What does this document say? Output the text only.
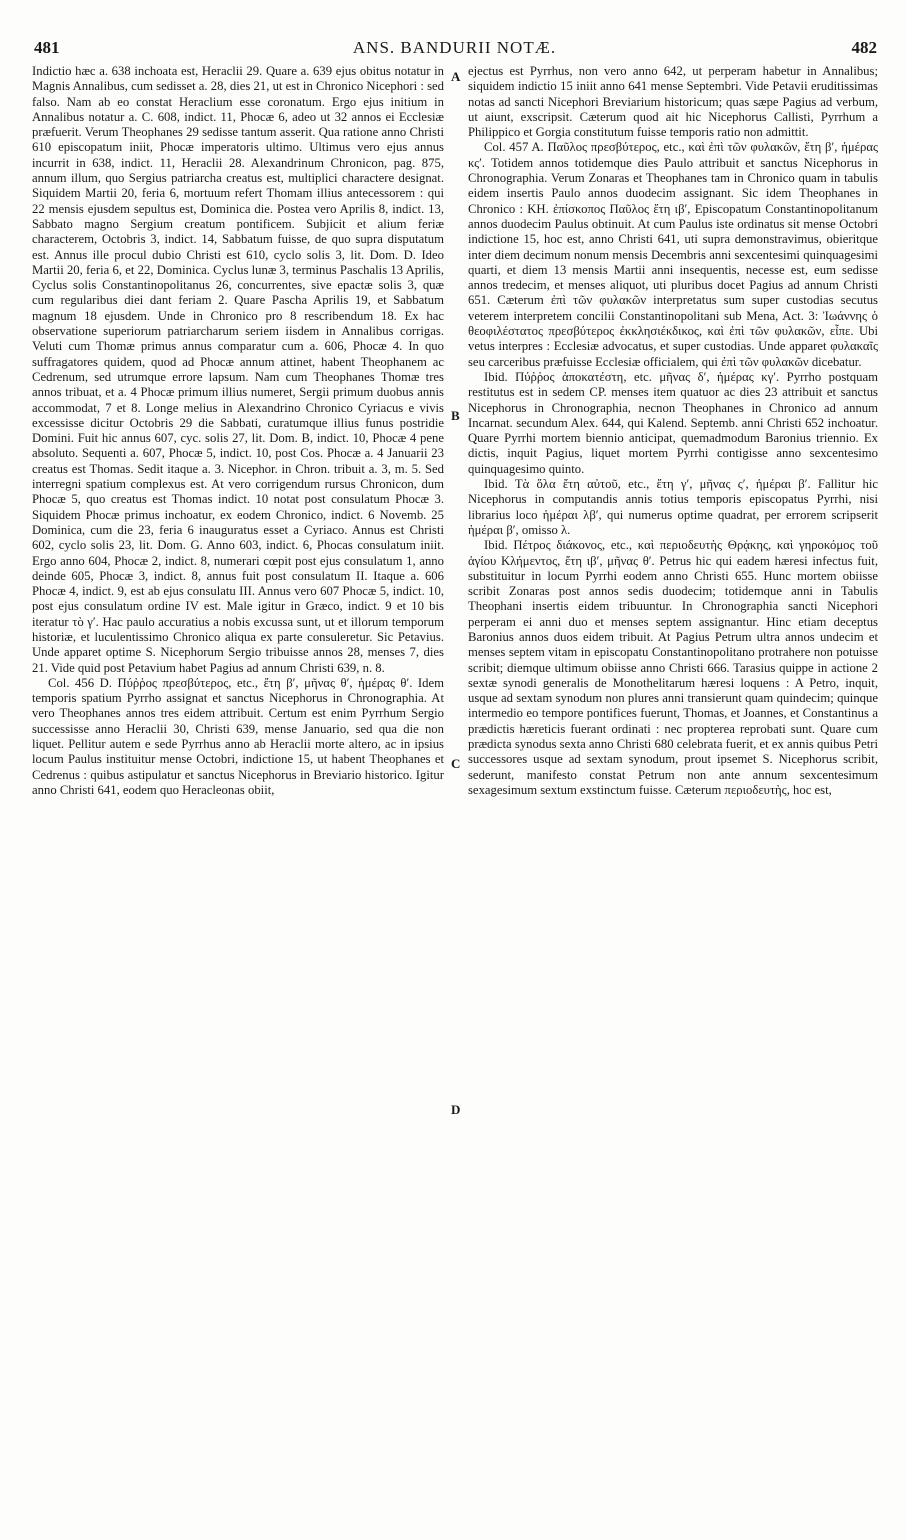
481	ANS. BANDURII NOTÆ.	482

Indictio hæc a. 638 inchoata est, Heraclii 29. Quare a. 639 ejus obitus notatur in Magnis Annalibus, cum sedisset a. 28, dies 21, ut est in Chronico Nicephori : sed falso. Nam ab eo constat Heraclium esse coronatum. Ergo ejus initium in Annalibus notatur a. C. 608, indict. 11, Phocæ 6, adeo ut 32 annos ei Ecclesiæ præfuerit. Verum Theophanes 29 sedisse tantum asserit. Qua ratione anno Christi 610 episcopatum iniit, Phocæ imperatoris ultimo. Ultimus vero ejus annus incurrit in 638, indict. 11, Heraclii 28. Alexandrinum Chronicon, pag. 875, annum illum, quo Sergius patriarcha creatus est, multiplici charactere designat. Siquidem Martii 20, feria 6, mortuum refert Thomam illius antecessorem : qui 22 mensis ejusdem sepultus est, Dominica die. Postea vero Aprilis 8, indict. 13, Sabbato magno Sergium creatum pontificem. Subjicit et alium feriæ characterem, Octobris 3, indict. 14, Sabbatum fuisse, de quo supra disputatum est. Annus ille procul dubio Christi est 610, cyclo solis 3, lit. Dom. D. Ideo Martii 20, feria 6, et 22, Dominica. Cyclus lunæ 3, terminus Paschalis 13 Aprilis, Cyclus solis Constantinopolitanus 26, concurrentes, sive epactæ solis 3, quæ cum regularibus diei dant feriam 2. Quare Pascha Aprilis 19, et Sabbatum magnum 18 ejusdem. Unde in Chronico pro 8 rescribendum 18. Ex hac observatione superiorum patriarcharum seriem iisdem in Annalibus corrigas. Veluti cum Thomæ primus annus comparatur cum a. 606, Phocæ 4. In quo suffragatores quidem, quod ad Phocæ annum attinet, habent Theophanem ac Cedrenum, sed utrumque errore lapsum. Nam cum Theophanes Thomæ tres annos tribuat, et a. 4 Phocæ primum illius numeret, Sergii primum duobus annis accommodat, 7 et 8. Longe melius in Alexandrino Chronico Cyriacus e vivis excessisse dicitur Octobris 29 die Sabbati, curatumque illius funus postridie Domini. Fuit hic annus 607, cyc. solis 27, lit. Dom. B, indict. 10, Phocæ 4 pene absoluto. Sequenti a. 607, Phocæ 5, indict. 10, post Cos. Phocæ a. 4 Januarii 23 creatus est Thomas. Sedit itaque a. 3. Nicephor. in Chron. tribuit a. 3, m. 5. Sed interregni spatium complexus est. At vero corrigendum rursus Chronicon, dum Phocæ 5, quo creatus est Thomas indict. 10 notat post consulatum Phocæ 3. Siquidem Phocæ primus inchoatur, ex eodem Chronico, indict. 6 Novemb. 25 Dominica, cum die 23, feria 6 inauguratus esset a Cyriaco. Annus est Christi 602, cyclo solis 23, lit. Dom. G. Anno 603, indict. 6, Phocas consulatum iniit. Ergo anno 604, Phocæ 2, indict. 8, numerari cœpit post ejus consulatum 1, anno deinde 605, Phocæ 3, indict. 8, annus fuit post consulatum II. Itaque a. 606 Phocæ 4, indict. 9, est ab ejus consulatu III. Annus vero 607 Phocæ 5, indict. 10, post ejus consulatum ordine IV est. Male igitur in Græco, indict. 9 et 10 bis iteratur τὸ γʹ. Hac paulo accuratius a nobis excussa sunt, ut et illorum temporum historiæ, et luculentissimo Chronico aliqua ex parte consuleretur. Sic Petavius. Unde apparet optime S. Nicephorum Sergio tribuisse annos 28, menses 7, dies 21. Vide quid post Petavium habet Pagius ad annum Christi 639, n. 8.

Col. 456 D. Πύῤῥος πρεσβύτερος, etc., ἔτη βʹ, μῆνας θʹ, ἡμέρας θʹ. Idem temporis spatium Pyrrho assignat et sanctus Nicephorus in Chronographia. At vero Theophanes annos tres eidem attribuit. Certum est enim Pyrrhum Sergio successisse anno Heraclii 30, Christi 639, mense Januario, sed qua die non liquet. Pellitur autem e sede Pyrrhus anno ab Heraclii morte altero, ac in ipsius locum Paulus instituitur mense Octobri, indictione 15, ut habent Theophanes et Cedrenus : quibus astipulatur et sanctus Nicephorus in Breviario historico. Igitur anno Christi 641, eodem quo Heracleonas obiit,

A
B
C
D

ejectus est Pyrrhus, non vero anno 642, ut perperam habetur in Annalibus; siquidem indictio 15 iniit anno 641 mense Septembri. Vide Petavii eruditissimas notas ad sancti Nicephori Breviarium historicum; quas sæpe Pagius ad verbum, ut aiunt, exscripsit. Cæterum quod ait hic Nicephorus Callisti, Pyrrhum a Philippico et Gorgia constitutum fuisse temporis ratio non admittit.

Col. 457 A. Παῦλος πρεσβύτερος, etc., καὶ ἐπὶ τῶν φυλακῶν, ἔτη βʹ, ἡμέρας κςʹ. Totidem annos totidemque dies Paulo attribuit et sanctus Nicephorus in Chronographia. Verum Zonaras et Theophanes tam in Chronico quam in tabulis eidem insertis Paulo annos duodecim assignant. Sic idem Theophanes in Chronico : ΚΗ. ἐπίσκοπος Παῦλος ἔτη ιβʹ, Episcopatum Constantinopolitanum annos duodecim Paulus obtinuit. At cum Paulus iste ordinatus sit mense Octobri indictione 15, hoc est, anno Christi 641, uti supra demonstravimus, obieritque inter diem decimum nonum mensis Decembris anni sexcentesimi quinquagesimi quarti, et diem 13 mensis Martii anni insequentis, necesse est, eum sedisse annos tredecim, et menses aliquot, uti pluribus docet Pagius ad annum Christi 651. Cæterum ἐπὶ τῶν φυλακῶν interpretatus sum super custodias secutus veterem interpretem concilii Constantinopolitani sub Mena, Act. 3: Ἰωάννης ὁ θεοφιλέστατος πρεσβύτερος ἐκκλησιέκδικος, καὶ ἐπὶ τῶν φυλακῶν, εἶπε. Ubi vetus interpres : Ecclesiæ advocatus, et super custodias. Unde apparet φυλακαῖς seu carceribus præfuisse Ecclesiæ officialem, qui ἐπὶ τῶν φυλακῶν dicebatur.

Ibid. Πύῤῥος ἀποκατέστη, etc. μῆνας δʹ, ἡμέρας κγʹ. Pyrrho postquam restitutus est in sedem CP. menses item quatuor ac dies 23 attribuit et sanctus Nicephorus in Chronographia, necnon Theophanes in Chronico ad annum Incarnat. secundum Alex. 644, qui Kalend. Septemb. anni Christi 652 inchoatur. Quare Pyrrhi mortem biennio anticipat, quemadmodum Baronius triennio. Ex dictis, inquit Pagius, liquet mortem Pyrrhi contigisse anno sexcentesimo quinquagesimo quinto.

Ibid. Τὰ ὅλα ἔτη αὐτοῦ, etc., ἔτη γʹ, μῆνας ςʹ, ἡμέραι βʹ. Fallitur hic Nicephorus in computandis annis totius temporis episcopatus Pyrrhi, nisi librarius loco ἡμέραι λβʹ, qui numerus optime quadrat, per errorem scripserit ἡμέραι βʹ, omisso λ.

Ibid. Πέτρος διάκονος, etc., καὶ περιοδευτὴς Θρᾴκης, καὶ γηροκόμος τοῦ ἁγίου Κλήμεντος, ἔτη ιβʹ, μῆνας θʹ. Petrus hic qui eadem hæresi infectus fuit, substituitur in locum Pyrrhi eodem anno Christi 655. Hunc mortem obiisse scribit Zonaras post annos sedis duodecim; totidemque anni in Tabulis Theophani insertis eidem tribuuntur. In Chronographia sancti Nicephori perperam ei anni duo et menses septem assignantur. Hinc etiam deceptus Baronius annos duos eidem tribuit. At Pagius Petrum ultra annos undecim et menses septem vitam in episcopatu Constantinopolitano protrahere non potuisse scribit; diemque ultimum obiisse anno Christi 666. Tarasius quippe in actione 2 sextæ synodi generalis de Monothelitarum hæresi loquens : A Petro, inquit, usque ad sextam synodum non plures anni transierunt quam quindecim; quinque intermedio eo tempore pontifices fuerunt, Thomas, et Joannes, et Constantinus a prædictis hæreticis fuerant ordinati : nec propterea reprobati sunt. Quare cum prædicta synodus sexta anno Christi 680 celebrata fuerit, et ex annis quibus Petri successores usque ad sextam synodum, prout ipsemet S. Nicephorus scribit, sederunt, manifesto constat Petrum non ante annum sexcentesimum sexagesimum sextum exstinctum fuisse. Cæterum περιοδευτὴς, hoc est,
